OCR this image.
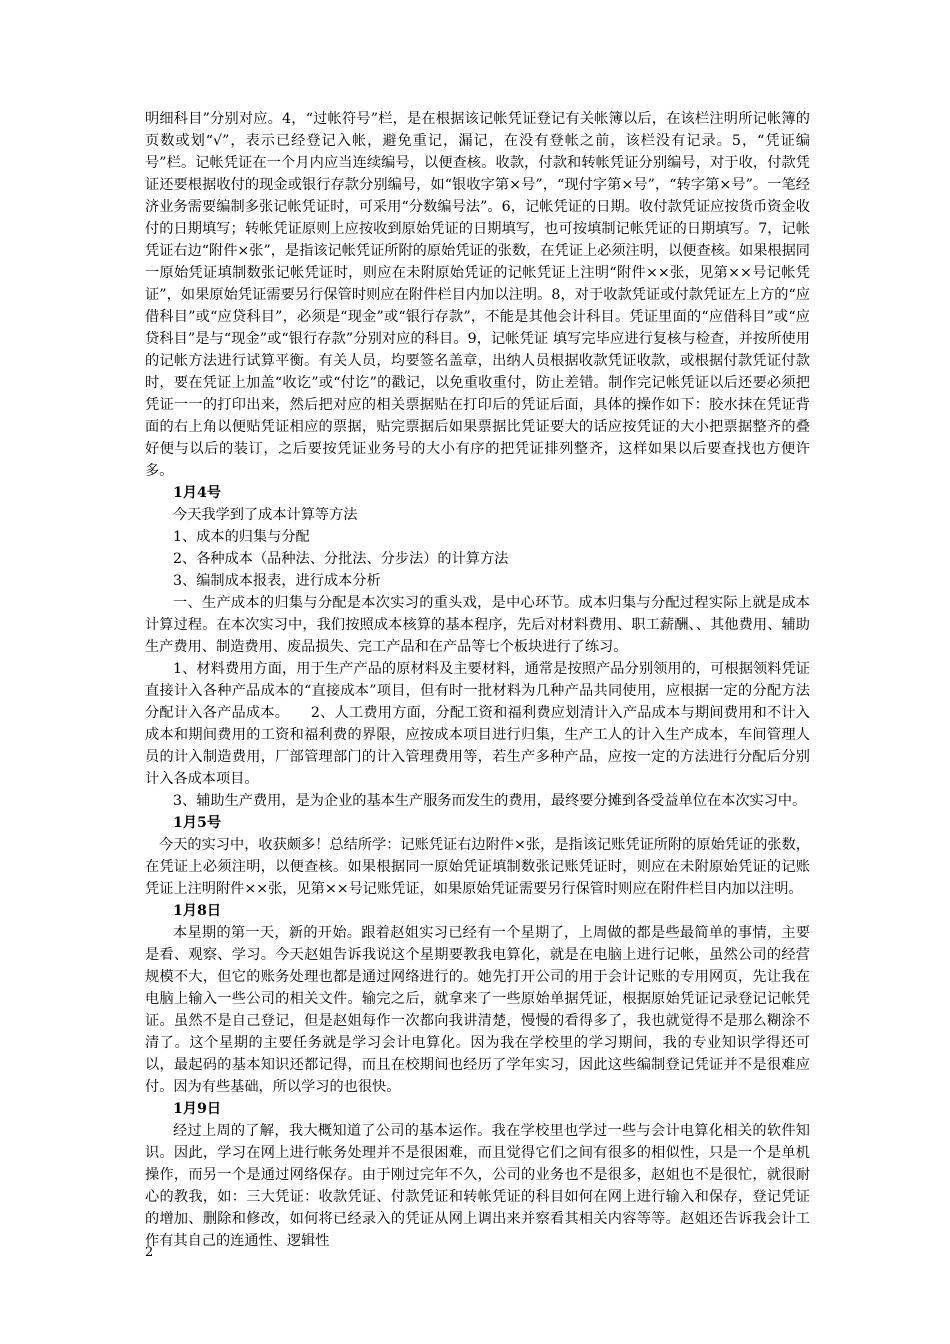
明细科目”分别对应。4，“过帐符号”栏，是在根据该记帐凭证登记有关帐簿以后，在该栏注明所记帐簿的页数或划“√”，表示已经登记入帐，避免重记，漏记，在没有登帐之前，该栏没有记录。5，“凭证编号”栏。记帐凭证在一个月内应当连续编号，以便查核。收款，付款和转帐凭证分别编号，对于收，付款凭证还要根据收付的现金或银行存款分别编号，如“银收字第×号”，“现付字第×号”，“转字第×号”。一笔经济业务需要编制多张记帐凭证时，可采用“分数编号法”。6，记帐凭证的日期。收付款凭证应按货币资金收付的日期填写；转帐凭证原则上应按收到原始凭证的日期填写，也可按填制记帐凭证的日期填写。7，记帐凭证右边“附件×张”，是指该记帐凭证所附的原始凭证的张数，在凭证上必须注明，以便查核。如果根据同一原始凭证填制数张记帐凭证时，则应在未附原始凭证的记帐凭证上注明“附件××张，见第××号记帐凭证”，如果原始凭证需要另行保管时则应在附件栏目内加以注明。8，对于收款凭证或付款凭证左上方的“应借科目”或“应贷科目”，必须是“现金”或“银行存款”，不能是其他会计科目。凭证里面的“应借科目”或“应贷科目”是与“现金”或“银行存款”分别对应的科目。9，记帐凭证 填写完毕应进行复核与检查，并按所使用的记帐方法进行试算平衡。有关人员，均要签名盖章，出纳人员根据收款凭证收款，或根据付款凭证付款时，要在凭证上加盖“收讫”或“付讫”的戳记，以免重收重付，防止差错。制作完记帐凭证以后还要必须把凭证一一的打印出来，然后把对应的相关票据贴在打印后的凭证后面，具体的操作如下：胶水抹在凭证背面的右上角以便贴凭证相应的票据，贴完票据后如果票据比凭证要大的话应按凭证的大小把票据整齐的叠好便与以后的装订，之后要按凭证业务号的大小有序的把凭证排列整齐，这样如果以后要查找也方便许多。

1月4号

今天我学到了成本计算等方法

1、成本的归集与分配

2、各种成本（品种法、分批法、分步法）的计算方法

3、编制成本报表，进行成本分析

一、生产成本的归集与分配是本次实习的重头戏，是中心环节。成本归集与分配过程实际上就是成本计算过程。在本次实习中，我们按照成本核算的基本程序，先后对材料费用、职工薪酬、、其他费用、辅助生产费用、制造费用、废品损失、完工产品和在产品等七个板块进行了练习。

1、材料费用方面，用于生产产品的原材料及主要材料，通常是按照产品分别领用的，可根据领料凭证直接计入各种产品成本的“直接成本”项目，但有时一批材料为几种产品共同使用，应根据一定的分配方法分配计入各产品成本。　　2、人工费用方面，分配工资和福利费应划清计入产品成本与期间费用和不计入成本和期间费用的工资和福利费的界限，应按成本项目进行归集，生产工人的计入生产成本，车间管理人员的计入制造费用，厂部管理部门的计入管理费用等，若生产多种产品，应按一定的方法进行分配后分别计入各成本项目。

3、辅助生产费用，是为企业的基本生产服务而发生的费用，最终要分摊到各受益单位在本次实习中。

1月5号

今天的实习中，收获颇多！总结所学：记账凭证右边附件×张，是指该记账凭证所附的原始凭证的张数，在凭证上必须注明，以便查核。如果根据同一原始凭证填制数张记账凭证时，则应在未附原始凭证的记账凭证上注明附件××张，见第××号记账凭证，如果原始凭证需要另行保管时则应在附件栏目内加以注明。

1月8日

本星期的第一天，新的开始。跟着赵姐实习已经有一个星期了，上周做的都是些最简单的事情，主要是看、观察、学习。今天赵姐告诉我说这个星期要教我电算化，就是在电脑上进行记帐，虽然公司的经营规模不大，但它的账务处理也都是通过网络进行的。她先打开公司的用于会计记账的专用网页，先让我在电脑上输入一些公司的相关文件。输完之后，就拿来了一些原始单据凭证，根据原始凭证记录登记记帐凭证。虽然不是自己登记，但是赵姐每作一次都向我讲清楚，慢慢的看得多了，我也就觉得不是那么糊涂不清了。这个星期的主要任务就是学习会计电算化。因为我在学校里的学习期间，我的专业知识学得还可以，最起码的基本知识还都记得，而且在校期间也经历了学年实习，因此这些编制登记凭证并不是很难应付。因为有些基础，所以学习的也很快。

1月9日

经过上周的了解，我大概知道了公司的基本运作。我在学校里也学过一些与会计电算化相关的软件知识。因此，学习在网上进行帐务处理并不是很困难，而且觉得它们之间有很多的相似性，只是一个是单机操作，而另一个是通过网络保存。由于刚过完年不久，公司的业务也不是很多，赵姐也不是很忙，就很耐心的教我，如：三大凭证：收款凭证、付款凭证和转帐凭证的科目如何在网上进行输入和保存，登记凭证的增加、删除和修改，如何将已经录入的凭证从网上调出来并察看其相关内容等等。赵姐还告诉我会计工作有其自己的连通性、逻辑性

2
